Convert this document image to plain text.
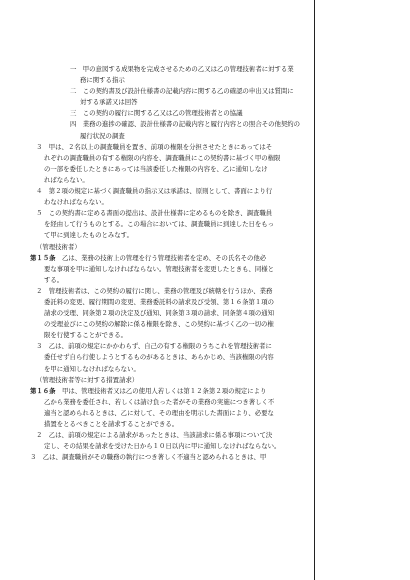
一　甲の意図する成果物を完成させるための乙又は乙の管理技術者に対する業
務に関する指示
二　この契約書及び設計仕様書の記載内容に関する乙の確認の申出又は質問に
対する承諾又は回答
三　この契約の履行に関する乙又は乙の管理技術者との協議
四　業務の進捗の確認、設計仕様書の記載内容と履行内容との照合その他契約の
履行状況の調査
３　甲は、２名以上の調査職員を置き、前項の権限を分担させたときにあってはそ
れぞれの調査職員の有する権限の内容を、調査職員にこの契約書に基づく甲の権限
の一部を委任したときにあっては当該委任した権限の内容を、乙に通知しなけ
ればならない。
４　第２項の規定に基づく調査職員の指示又は承諾は、原則として、書面により行
わなければならない。
５　この契約書に定める書面の提出は、設計仕様書に定めるものを除き、調査職員
を経由して行うものとする。この場合においては、調査職員に到達した日をもっ
て甲に到達したものとみなす。
（管理技術者）
第１５条　乙は、業務の技術上の管理を行う管理技術者を定め、その氏名その他必
要な事項を甲に通知しなければならない。管理技術者を変更したときも、同様と
する。
２　管理技術者は、この契約の履行に関し、業務の管理及び統轄を行うほか、業務
委託料の変更、履行期間の変更、業務委託料の請求及び受領、第１６条第１項の
請求の受理、同条第２項の決定及び通知、同条第３項の請求、同条第４項の通知
の受理並びにこの契約の解除に係る権限を除き、この契約に基づく乙の一切の権
限を行使することができる。
３　乙は、前項の規定にかかわらず、自己の有する権限のうちこれを管理技術者に
委任せず自ら行使しようとするものがあるときは、あらかじめ、当該権限の内容
を甲に通知しなければならない。
（管理技術者等に対する措置請求）
第１６条　甲は、管理技術者又は乙の使用人若しくは第１２条第２項の規定により
乙から業務を委任され、若しくは請け負った者がその業務の実施につき著しく不
適当と認められるときは、乙に対して、その理由を明示した書面により、必要な
措置をとるべきことを請求することができる。
２　乙は、前項の規定による請求があったときは、当該請求に係る事項について決
定し、その結果を請求を受けた日から１０日以内に甲に通知しなければならない。
３　乙は、調査職員がその職務の執行につき著しく不適当と認められるときは、甲
